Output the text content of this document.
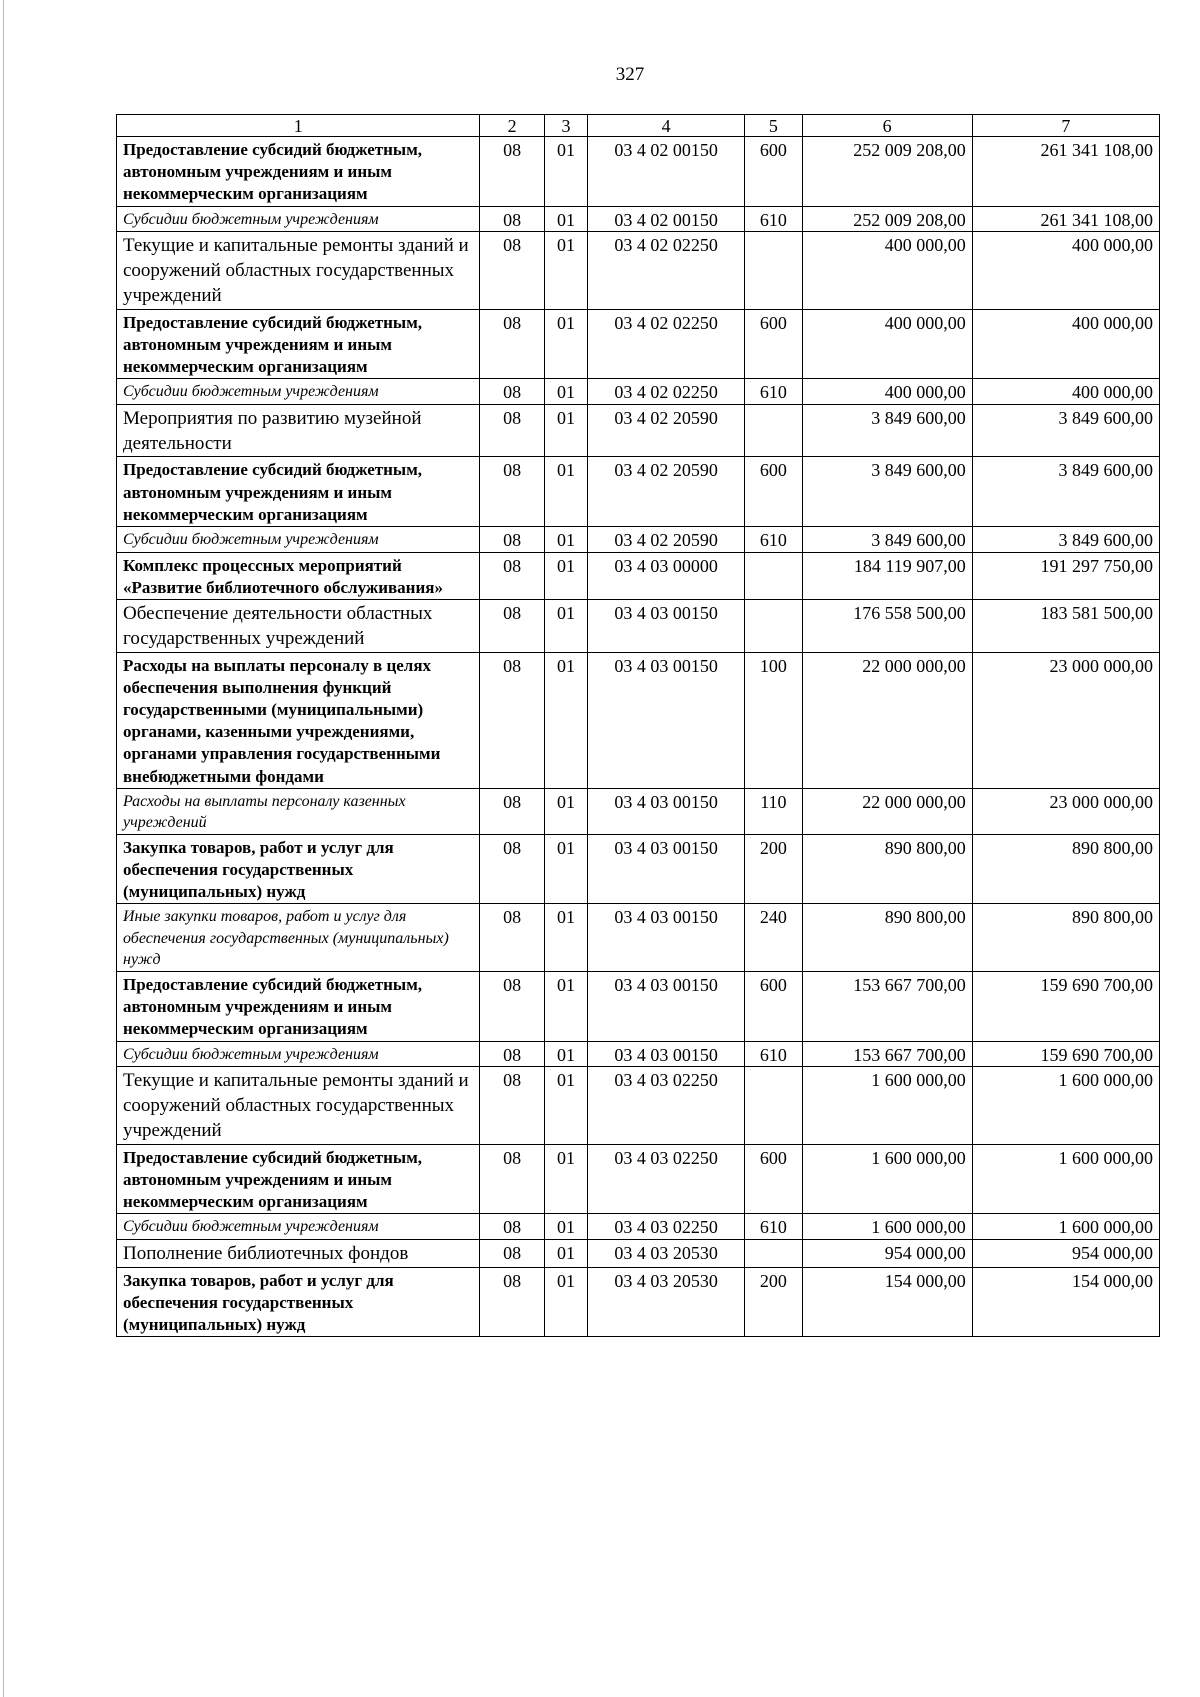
327
1	2	3	4	5	6	7
Предоставление субсидий бюджетным, автономным учреждениям и иным некоммерческим организациям	08	01	03 4 02 00150	600	252 009 208,00	261 341 108,00
Субсидии бюджетным учреждениям	08	01	03 4 02 00150	610	252 009 208,00	261 341 108,00
Текущие и капитальные ремонты зданий и сооружений областных государственных учреждений	08	01	03 4 02 02250		400 000,00	400 000,00
Предоставление субсидий бюджетным, автономным учреждениям и иным некоммерческим организациям	08	01	03 4 02 02250	600	400 000,00	400 000,00
Субсидии бюджетным учреждениям	08	01	03 4 02 02250	610	400 000,00	400 000,00
Мероприятия по развитию музейной деятельности	08	01	03 4 02 20590		3 849 600,00	3 849 600,00
Предоставление субсидий бюджетным, автономным учреждениям и иным некоммерческим организациям	08	01	03 4 02 20590	600	3 849 600,00	3 849 600,00
Субсидии бюджетным учреждениям	08	01	03 4 02 20590	610	3 849 600,00	3 849 600,00
Комплекс процессных мероприятий «Развитие библиотечного обслуживания»	08	01	03 4 03 00000		184 119 907,00	191 297 750,00
Обеспечение деятельности областных государственных учреждений	08	01	03 4 03 00150		176 558 500,00	183 581 500,00
Расходы на выплаты персоналу в целях обеспечения выполнения функций государственными (муниципальными) органами, казенными учреждениями, органами управления государственными внебюджетными фондами	08	01	03 4 03 00150	100	22 000 000,00	23 000 000,00
Расходы на выплаты персоналу казенных учреждений	08	01	03 4 03 00150	110	22 000 000,00	23 000 000,00
Закупка товаров, работ и услуг для обеспечения государственных (муниципальных) нужд	08	01	03 4 03 00150	200	890 800,00	890 800,00
Иные закупки товаров, работ и услуг для обеспечения государственных (муниципальных) нужд	08	01	03 4 03 00150	240	890 800,00	890 800,00
Предоставление субсидий бюджетным, автономным учреждениям и иным некоммерческим организациям	08	01	03 4 03 00150	600	153 667 700,00	159 690 700,00
Субсидии бюджетным учреждениям	08	01	03 4 03 00150	610	153 667 700,00	159 690 700,00
Текущие и капитальные ремонты зданий и сооружений областных государственных учреждений	08	01	03 4 03 02250		1 600 000,00	1 600 000,00
Предоставление субсидий бюджетным, автономным учреждениям и иным некоммерческим организациям	08	01	03 4 03 02250	600	1 600 000,00	1 600 000,00
Субсидии бюджетным учреждениям	08	01	03 4 03 02250	610	1 600 000,00	1 600 000,00
Пополнение библиотечных фондов	08	01	03 4 03 20530		954 000,00	954 000,00
Закупка товаров, работ и услуг для обеспечения государственных (муниципальных) нужд	08	01	03 4 03 20530	200	154 000,00	154 000,00
